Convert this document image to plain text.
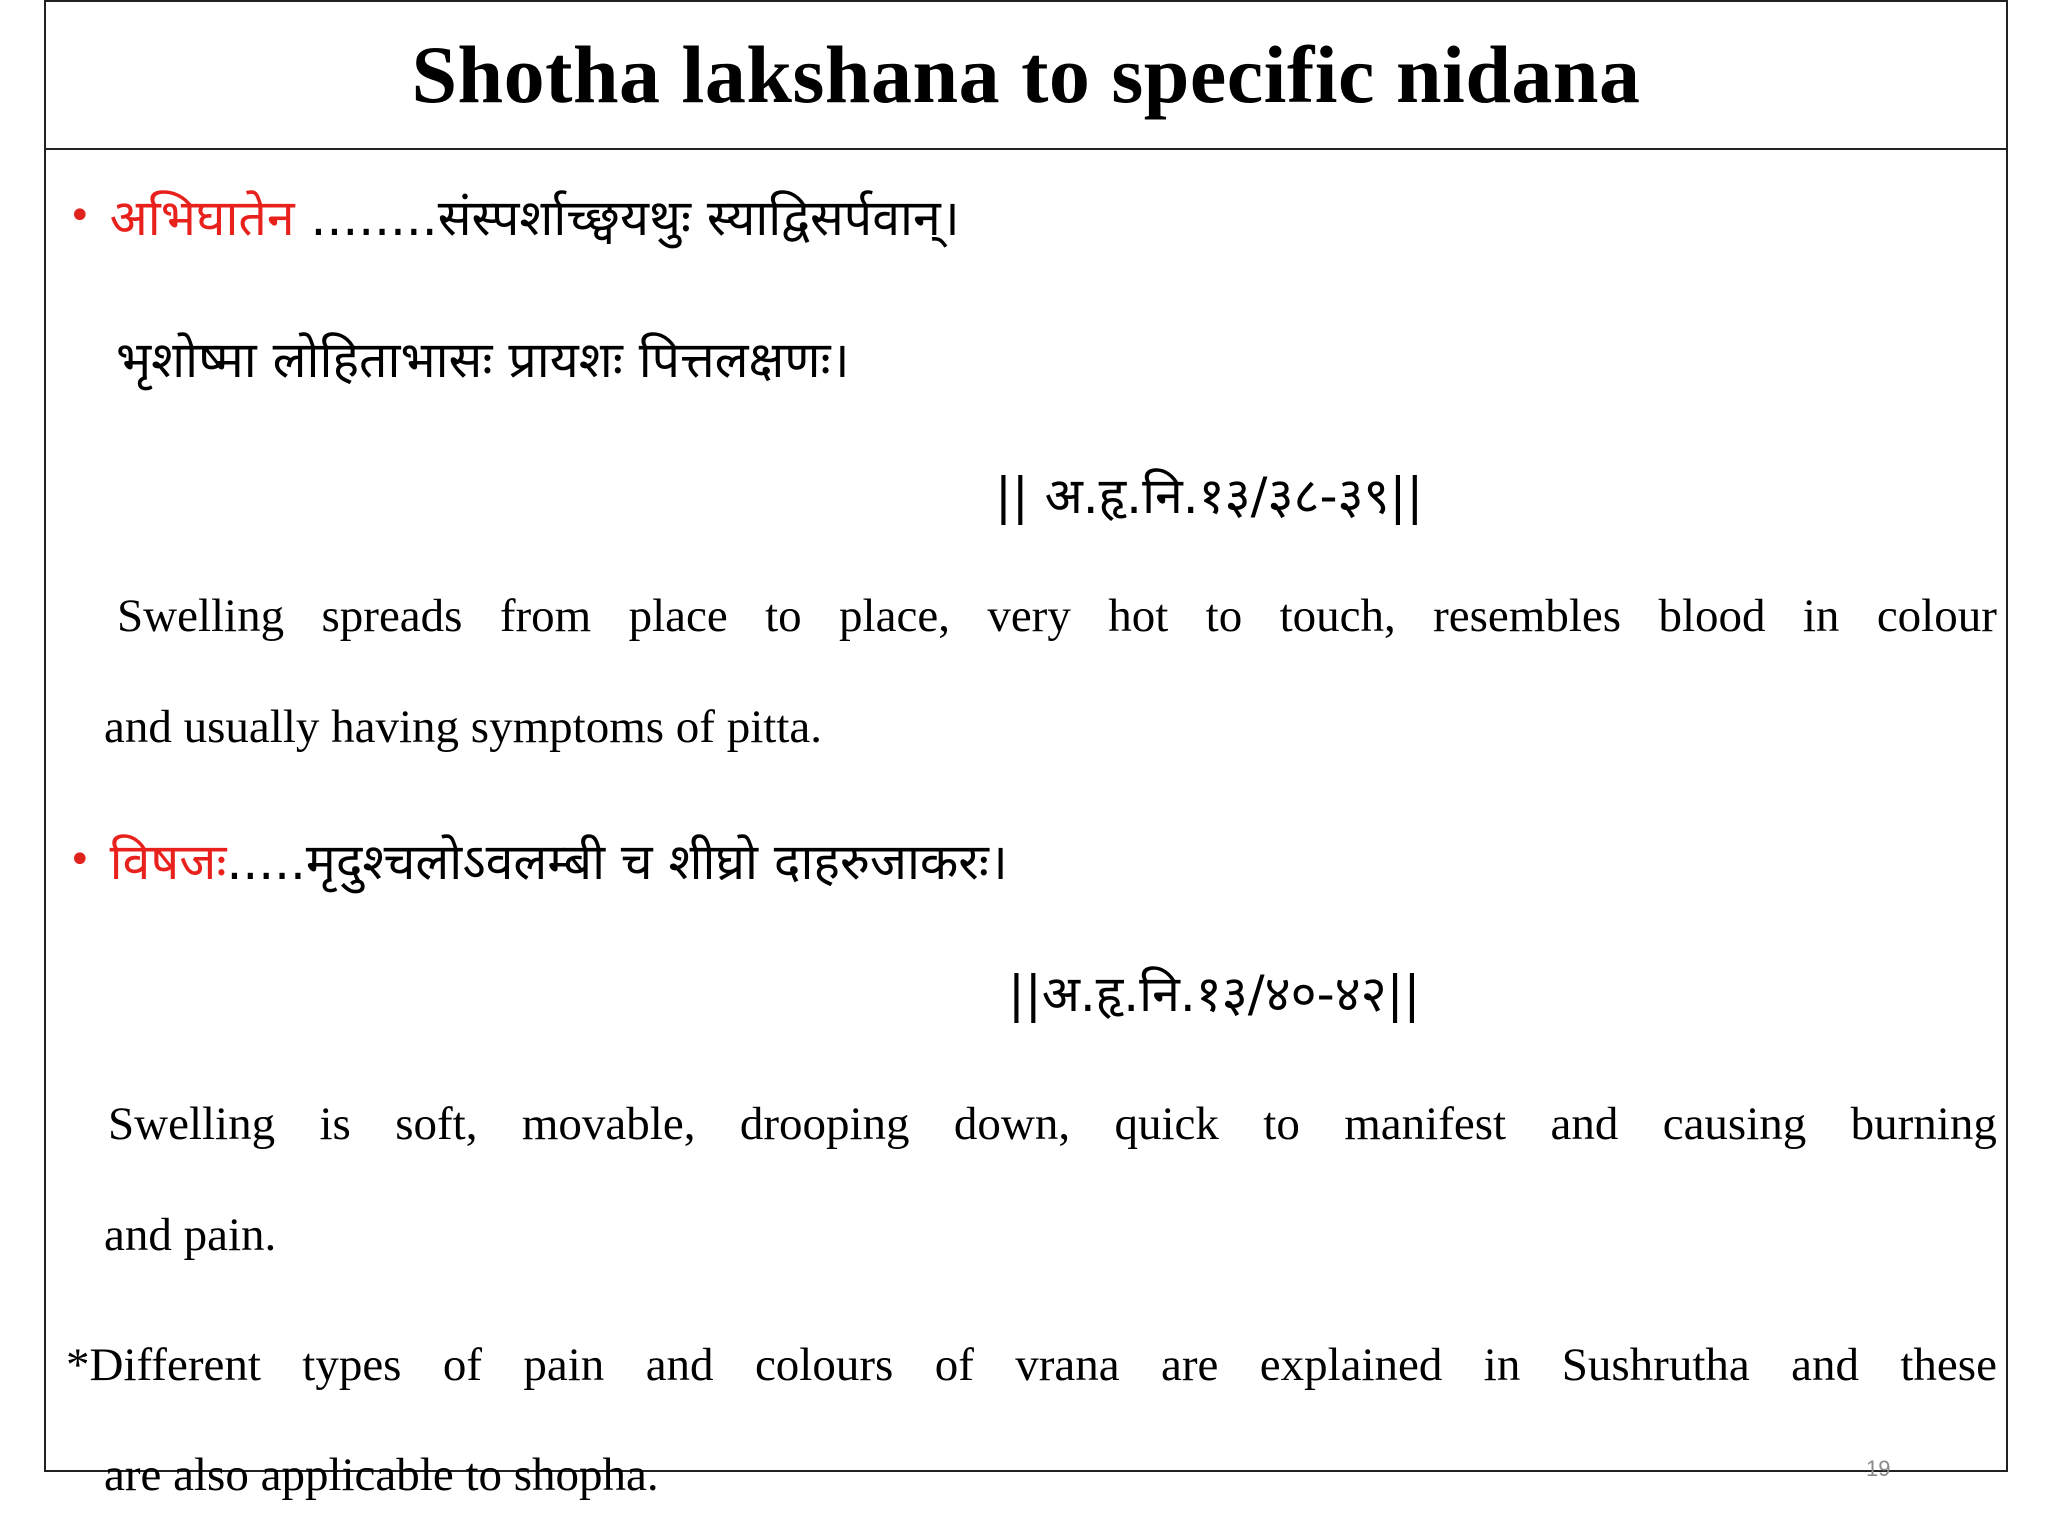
Shotha lakshana to specific nidana
• अभिघातेन ........संस्पर्शाच्छ्वयथुः स्याद्विसर्पवान्।
भृशोष्मा लोहिताभासः प्रायशः पित्तलक्षणः।
|| अ.हृ.नि.१३/३८-३९||
Swelling spreads from place to place, very hot to touch, resembles blood in colour
and usually having symptoms of pitta.
• विषजः.....मृदुश्चलोऽवलम्बी च शीघ्रो दाहरुजाकरः।
||अ.हृ.नि.१३/४०-४२||
Swelling is soft, movable, drooping down, quick to manifest and causing burning
and pain.
*Different types of pain and colours of vrana are explained in Sushrutha and these
are also applicable to shopha.	19
